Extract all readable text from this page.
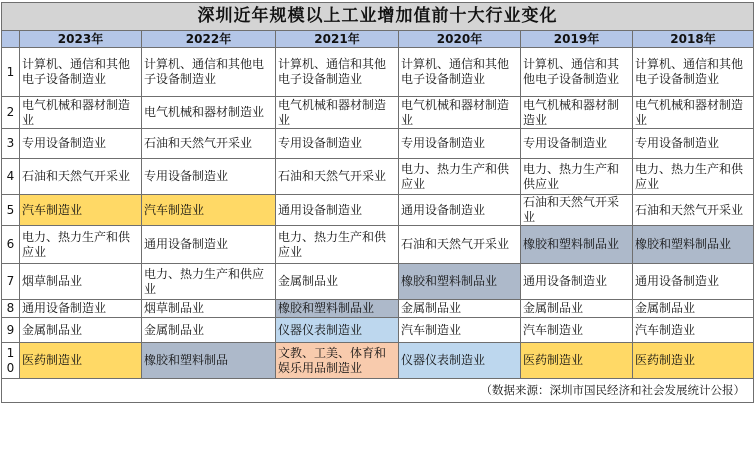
深圳近年规模以上工业增加值前十大行业变化						
	2023年	2022年	2021年	2020年	2019年	2018年
1	计算机、通信和其他电子设备制造业	计算机、通信和其他电子设备制造业	计算机、通信和其他电子设备制造业	计算机、通信和其他电子设备制造业	计算机、通信和其他电子设备制造业	计算机、通信和其他电子设备制造业
2	电气机械和器材制造业	电气机械和器材制造业	电气机械和器材制造业	电气机械和器材制造业	电气机械和器材制造业	电气机械和器材制造业
3	专用设备制造业	石油和天然气开采业	专用设备制造业	专用设备制造业	专用设备制造业	专用设备制造业
4	石油和天然气开采业	专用设备制造业	石油和天然气开采业	电力、热力生产和供应业	电力、热力生产和供应业	电力、热力生产和供应业
5	汽车制造业	汽车制造业	通用设备制造业	通用设备制造业	石油和天然气开采业	石油和天然气开采业
6	电力、热力生产和供应业	通用设备制造业	电力、热力生产和供应业	石油和天然气开采业	橡胶和塑料制品业	橡胶和塑料制品业
7	烟草制品业	电力、热力生产和供应业	金属制品业	橡胶和塑料制品业	通用设备制造业	通用设备制造业
8	通用设备制造业	烟草制品业	橡胶和塑料制品业	金属制品业	金属制品业	金属制品业
9	金属制品业	金属制品业	仪器仪表制造业	汽车制造业	汽车制造业	汽车制造业
10	医药制造业	橡胶和塑料制品	文教、工美、体育和娱乐用品制造业	仪器仪表制造业	医药制造业	医药制造业
（数据来源：深圳市国民经济和社会发展统计公报）						
